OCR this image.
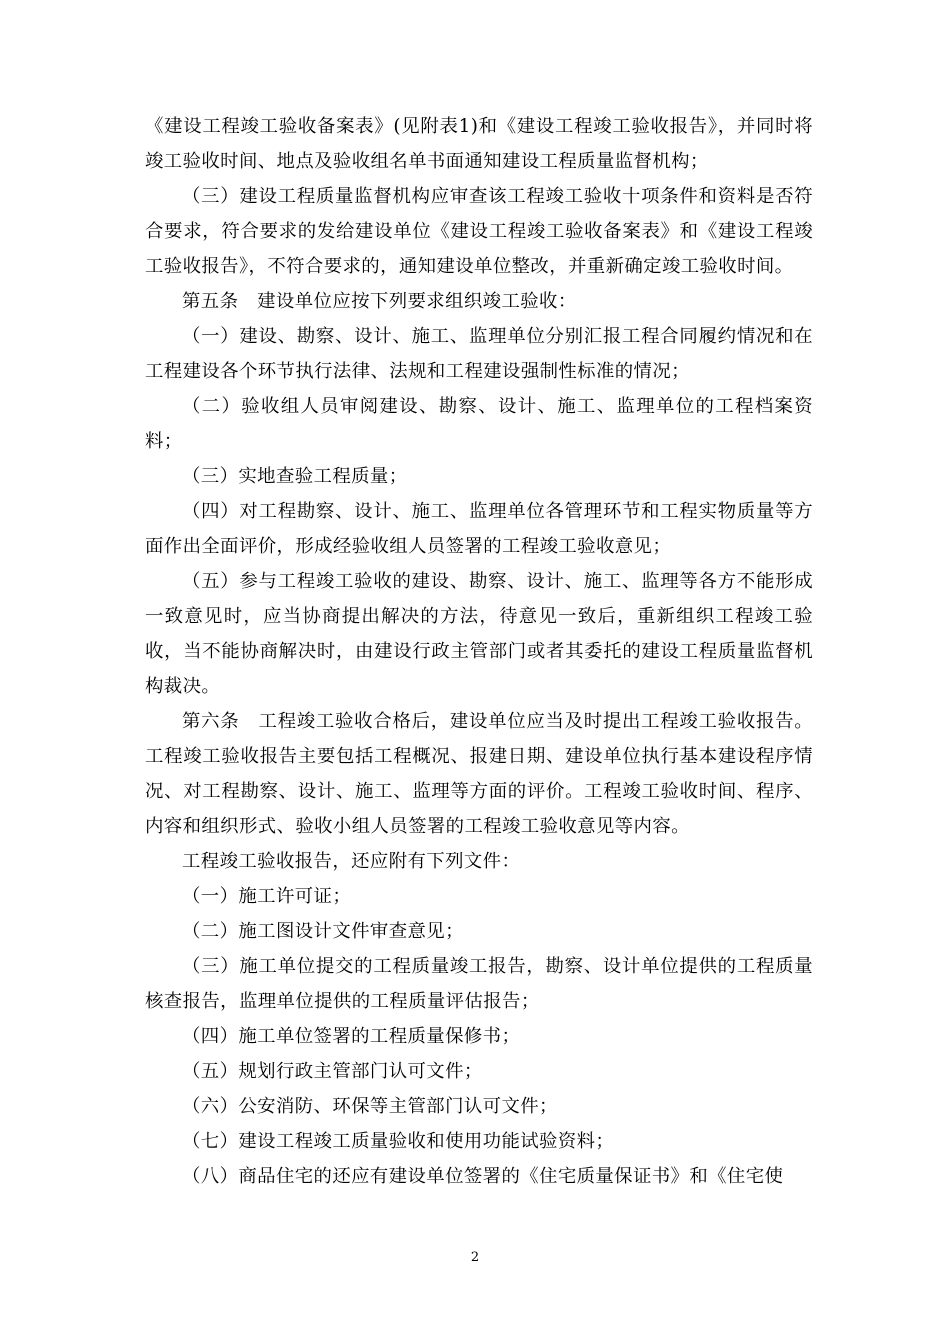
《建设工程竣工验收备案表》(见附表1)和《建设工程竣工验收报告》，并同时将竣工验收时间、地点及验收组名单书面通知建设工程质量监督机构；

（三）建设工程质量监督机构应审查该工程竣工验收十项条件和资料是否符合要求，符合要求的发给建设单位《建设工程竣工验收备案表》和《建设工程竣工验收报告》，不符合要求的，通知建设单位整改，并重新确定竣工验收时间。

第五条　建设单位应按下列要求组织竣工验收：

（一）建设、勘察、设计、施工、监理单位分别汇报工程合同履约情况和在工程建设各个环节执行法律、法规和工程建设强制性标准的情况；

（二）验收组人员审阅建设、勘察、设计、施工、监理单位的工程档案资料；

（三）实地查验工程质量；

（四）对工程勘察、设计、施工、监理单位各管理环节和工程实物质量等方面作出全面评价，形成经验收组人员签署的工程竣工验收意见；

（五）参与工程竣工验收的建设、勘察、设计、施工、监理等各方不能形成一致意见时，应当协商提出解决的方法，待意见一致后，重新组织工程竣工验收，当不能协商解决时，由建设行政主管部门或者其委托的建设工程质量监督机构裁决。

第六条　工程竣工验收合格后，建设单位应当及时提出工程竣工验收报告。工程竣工验收报告主要包括工程概况、报建日期、建设单位执行基本建设程序情况、对工程勘察、设计、施工、监理等方面的评价。工程竣工验收时间、程序、内容和组织形式、验收小组人员签署的工程竣工验收意见等内容。

工程竣工验收报告，还应附有下列文件：

（一）施工许可证；

（二）施工图设计文件审查意见；

（三）施工单位提交的工程质量竣工报告，勘察、设计单位提供的工程质量核查报告，监理单位提供的工程质量评估报告；

（四）施工单位签署的工程质量保修书；

（五）规划行政主管部门认可文件；

（六）公安消防、环保等主管部门认可文件；

（七）建设工程竣工质量验收和使用功能试验资料；

（八）商品住宅的还应有建设单位签署的《住宅质量保证书》和《住宅使

2
